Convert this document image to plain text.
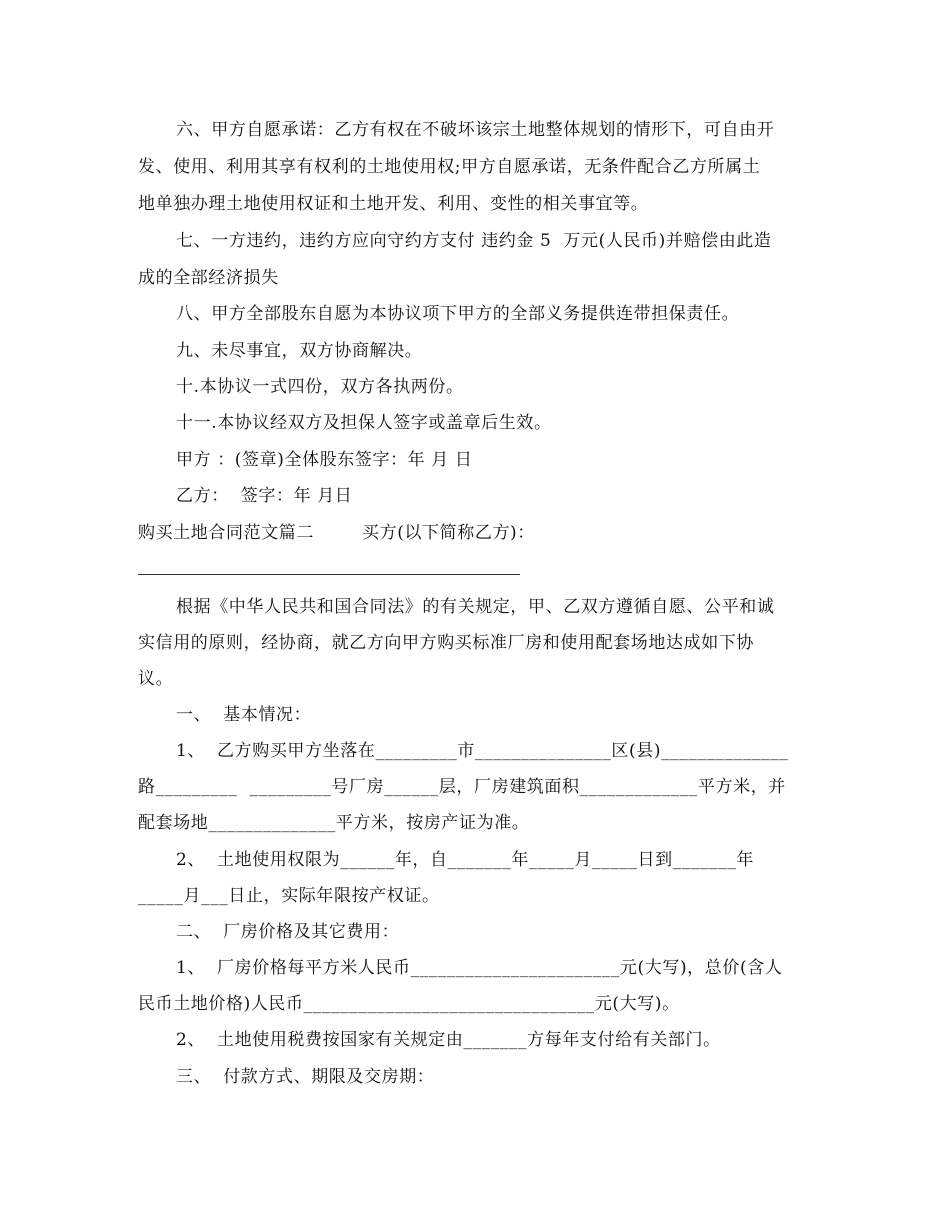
六、甲方自愿承诺：乙方有权在不破坏该宗土地整体规划的情形下，可自由开
发、使用、利用其享有权利的土地使用权;甲方自愿承诺，无条件配合乙方所属土
地单独办理土地使用权证和土地开发、利用、变性的相关事宜等。
七、一方违约，违约方应向守约方支付 违约金 5  万元(人民币)并赔偿由此造
成的全部经济损失
八、甲方全部股东自愿为本协议项下甲方的全部义务提供连带担保责任。
九、未尽事宜，双方协商解决。
十.本协议一式四份，双方各执两份。
十一.本协议经双方及担保人签字或盖章后生效。
甲方 ：(签章)全体股东签字：年 月 日
乙方：  签字：年 月日
购买土地合同范文篇二        买方(以下简称乙方)：
根据《中华人民共和国合同法》的有关规定，甲、乙双方遵循自愿、公平和诚
实信用的原则，经协商，就乙方向甲方购买标准厂房和使用配套场地达成如下协
议。
一、  基本情况：
1、  乙方购买甲方坐落在_________市_______________区(县)______________
路_________  _________号厂房______层，厂房建筑面积_____________平方米，并
配套场地______________平方米，按房产证为准。
2、  土地使用权限为______年，自_______年_____月_____日到_______年
_____月___日止，实际年限按产权证。
二、  厂房价格及其它费用：
1、  厂房价格每平方米人民币_______________________元(大写)，总价(含人
民币土地价格)人民币________________________________元(大写)。
2、  土地使用税费按国家有关规定由_______方每年支付给有关部门。
三、  付款方式、期限及交房期：
